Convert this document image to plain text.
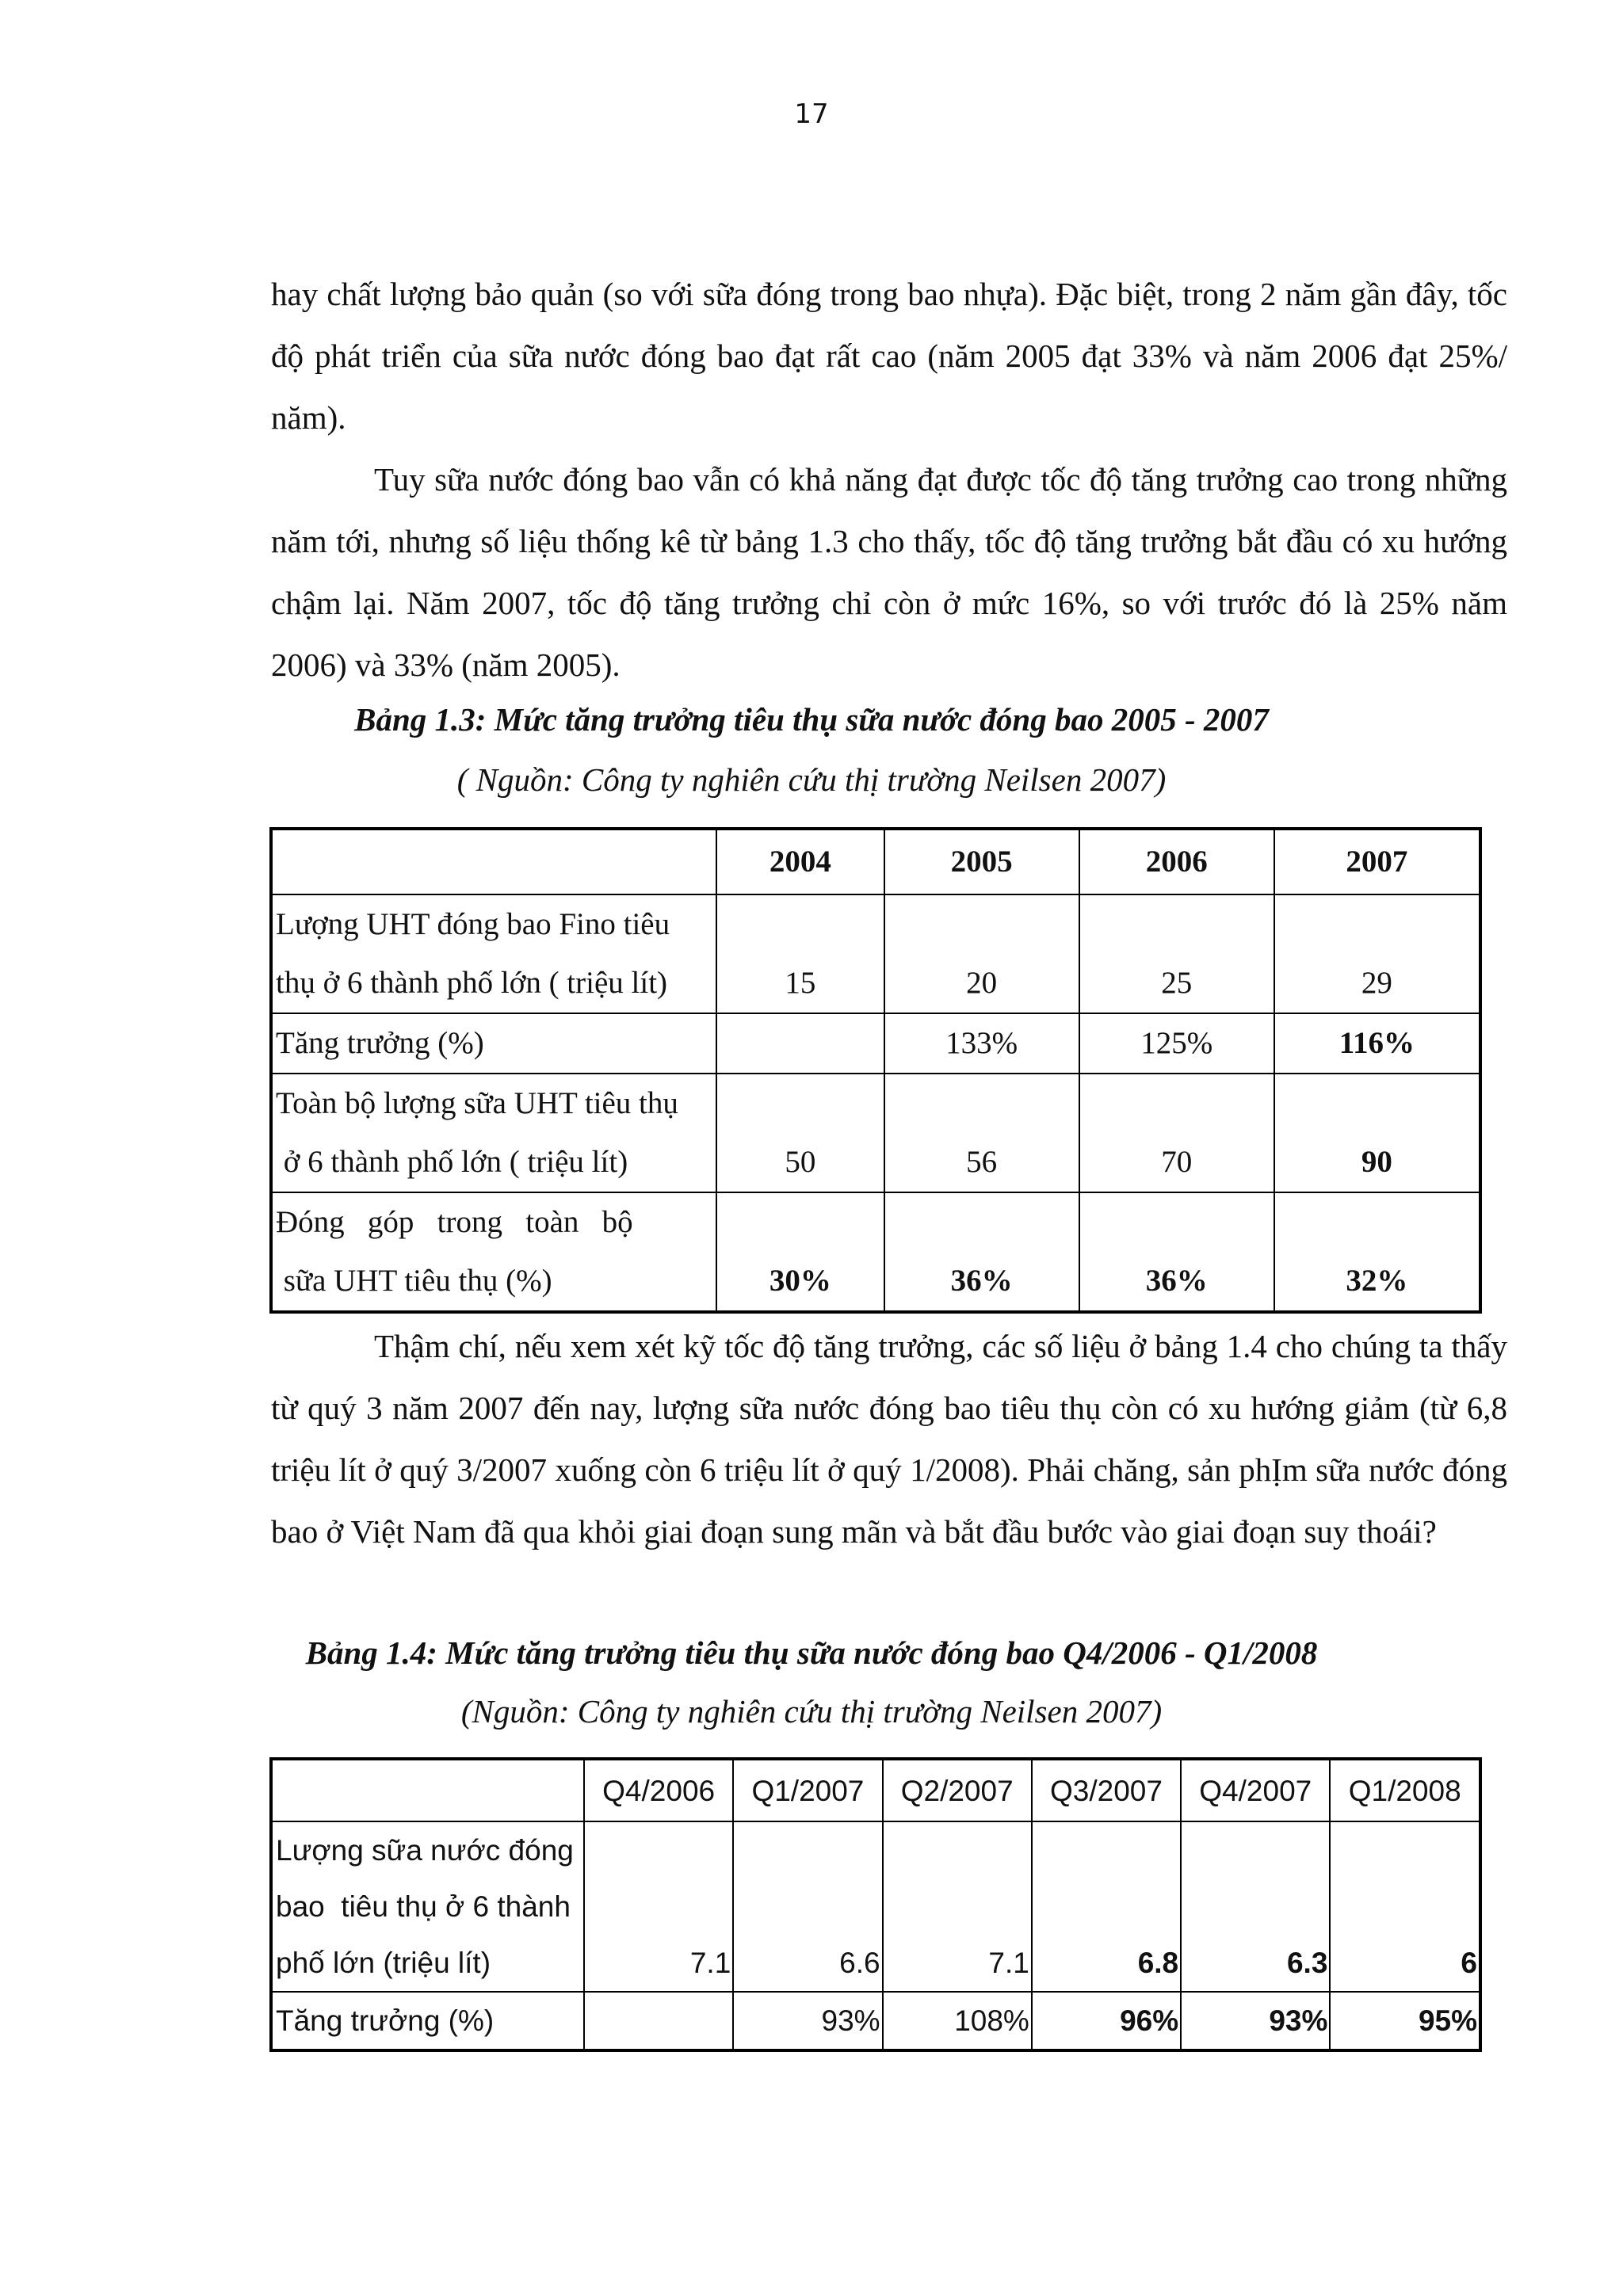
17

hay chất lượng bảo quản (so với sữa đóng trong bao nhựa). Đặc biệt, trong 2 năm gần đây, tốc độ phát triển của sữa nước đóng bao đạt rất cao (năm 2005 đạt 33% và năm 2006 đạt 25%/ năm).

Tuy sữa nước đóng bao vẫn có khả năng đạt được tốc độ tăng trưởng cao trong những năm tới, nhưng số liệu thống kê từ bảng 1.3 cho thấy, tốc độ tăng trưởng bắt đầu có xu hướng chậm lại. Năm 2007, tốc độ tăng trưởng chỉ còn ở mức 16%, so với trước đó là 25% năm 2006) và 33% (năm 2005).

Bảng 1.3: Mức tăng trưởng tiêu thụ sữa nước đóng bao 2005 - 2007

( Nguồn: Công ty nghiên cứu thị trường Neilsen 2007)

	2004	2005	2006	2007
Lượng UHT đóng bao Fino tiêu
thụ ở 6 thành phố lớn ( triệu lít)	15	20	25	29
Tăng trưởng (%)		133%	125%	116%
Toàn bộ lượng sữa UHT tiêu thụ
ở 6 thành phố lớn ( triệu lít)	50	56	70	90
Đóng   góp   trong   toàn   bộ
sữa UHT tiêu thụ (%)	30%	36%	36%	32%

Thậm chí, nếu xem xét kỹ tốc độ tăng trưởng, các số liệu ở bảng 1.4 cho chúng ta thấy từ quý 3 năm 2007 đến nay, lượng sữa nước đóng bao tiêu thụ còn có xu hướng giảm (từ 6,8 triệu lít ở quý 3/2007 xuống còn 6 triệu lít ở quý 1/2008). Phải chăng, sản phỊm sữa nước đóng bao ở Việt Nam đã qua khỏi giai đoạn sung mãn và bắt đầu bước vào giai đoạn suy thoái?

Bảng 1.4: Mức tăng trưởng tiêu thụ sữa nước đóng bao Q4/2006 - Q1/2008

(Nguồn: Công ty nghiên cứu thị trường Neilsen 2007)

	Q4/2006	Q1/2007	Q2/2007	Q3/2007	Q4/2007	Q1/2008
Lượng sữa nước đóng
bao  tiêu thụ ở 6 thành
phố lớn (triệu lít)	7.1	6.6	7.1	6.8	6.3	6
Tăng trưởng (%)		93%	108%	96%	93%	95%
